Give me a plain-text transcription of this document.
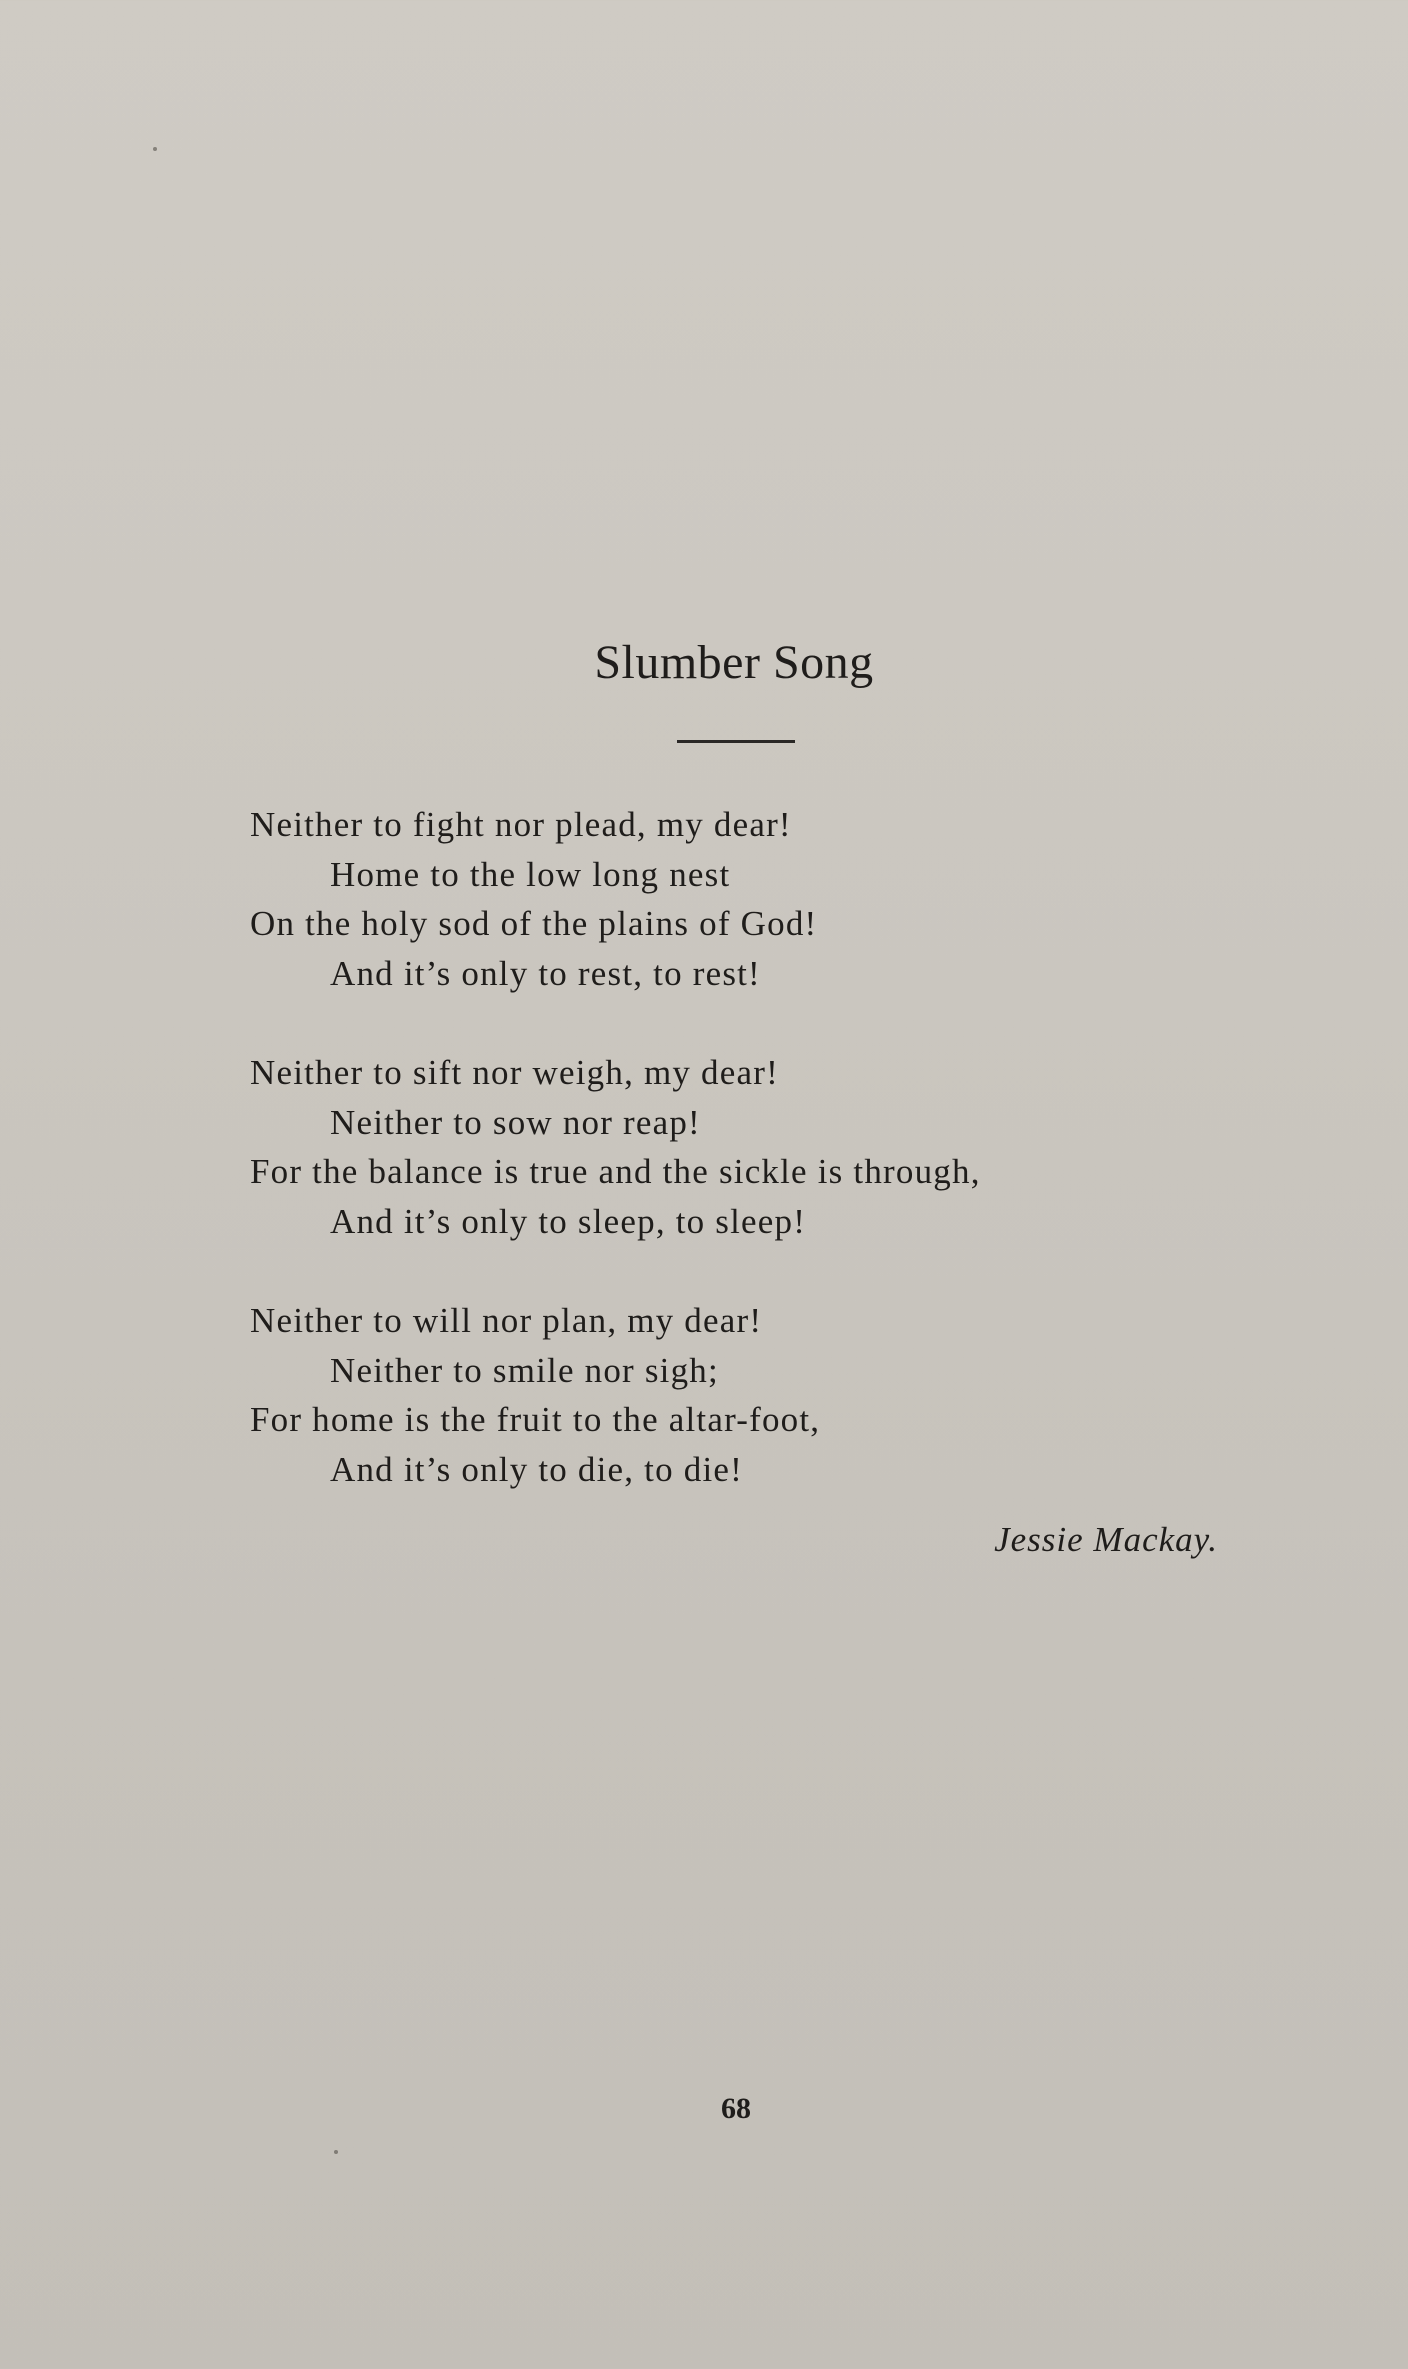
Slumber Song
Neither to fight nor plead, my dear!
Home to the low long nest
On the holy sod of the plains of God!
And it’s only to rest, to rest!
Neither to sift nor weigh, my dear!
Neither to sow nor reap!
For the balance is true and the sickle is through,
And it’s only to sleep, to sleep!
Neither to will nor plan, my dear!
Neither to smile nor sigh;
For home is the fruit to the altar-foot,
And it’s only to die, to die!
Jessie Mackay.
68
